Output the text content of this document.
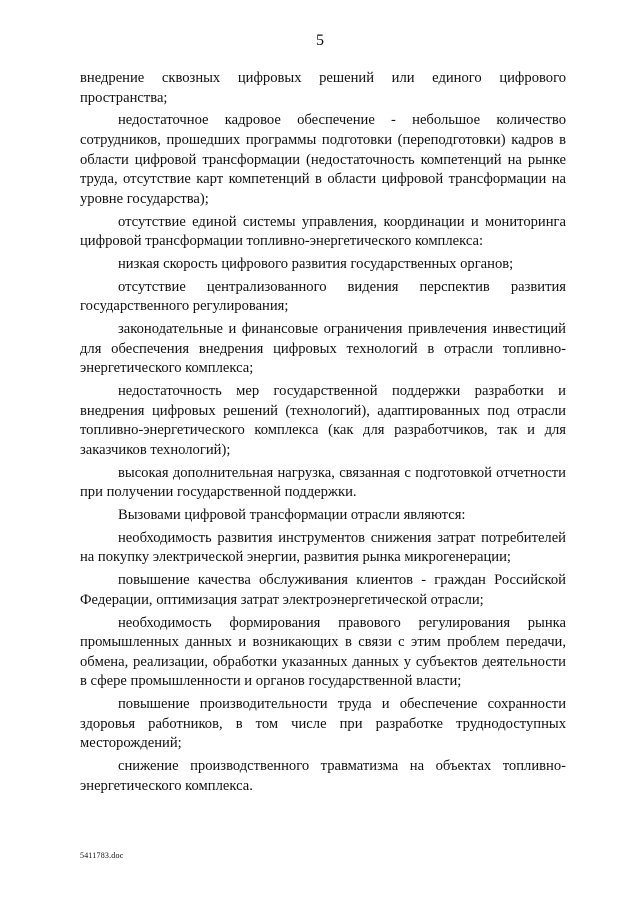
5

внедрение сквозных цифровых решений или единого цифрового пространства;

недостаточное кадровое обеспечение - небольшое количество сотрудников, прошедших программы подготовки (переподготовки) кадров в области цифровой трансформации (недостаточность компетенций на рынке труда, отсутствие карт компетенций в области цифровой трансформации на уровне государства);

отсутствие единой системы управления, координации и мониторинга цифровой трансформации топливно-энергетического комплекса:

низкая скорость цифрового развития государственных органов;

отсутствие централизованного видения перспектив развития государственного регулирования;

законодательные и финансовые ограничения привлечения инвестиций для обеспечения внедрения цифровых технологий в отрасли топливно-энергетического комплекса;

недостаточность мер государственной поддержки разработки и внедрения цифровых решений (технологий), адаптированных под отрасли топливно-энергетического комплекса (как для разработчиков, так и для заказчиков технологий);

высокая дополнительная нагрузка, связанная с подготовкой отчетности при получении государственной поддержки.

Вызовами цифровой трансформации отрасли являются:

необходимость развития инструментов снижения затрат потребителей на покупку электрической энергии, развития рынка микрогенерации;

повышение качества обслуживания клиентов - граждан Российской Федерации, оптимизация затрат электроэнергетической отрасли;

необходимость формирования правового регулирования рынка промышленных данных и возникающих в связи с этим проблем передачи, обмена, реализации, обработки указанных данных у субъектов деятельности в сфере промышленности и органов государственной власти;

повышение производительности труда и обеспечение сохранности здоровья работников, в том числе при разработке труднодоступных месторождений;

снижение производственного травматизма на объектах топливно-энергетического комплекса.

5411783.doc
